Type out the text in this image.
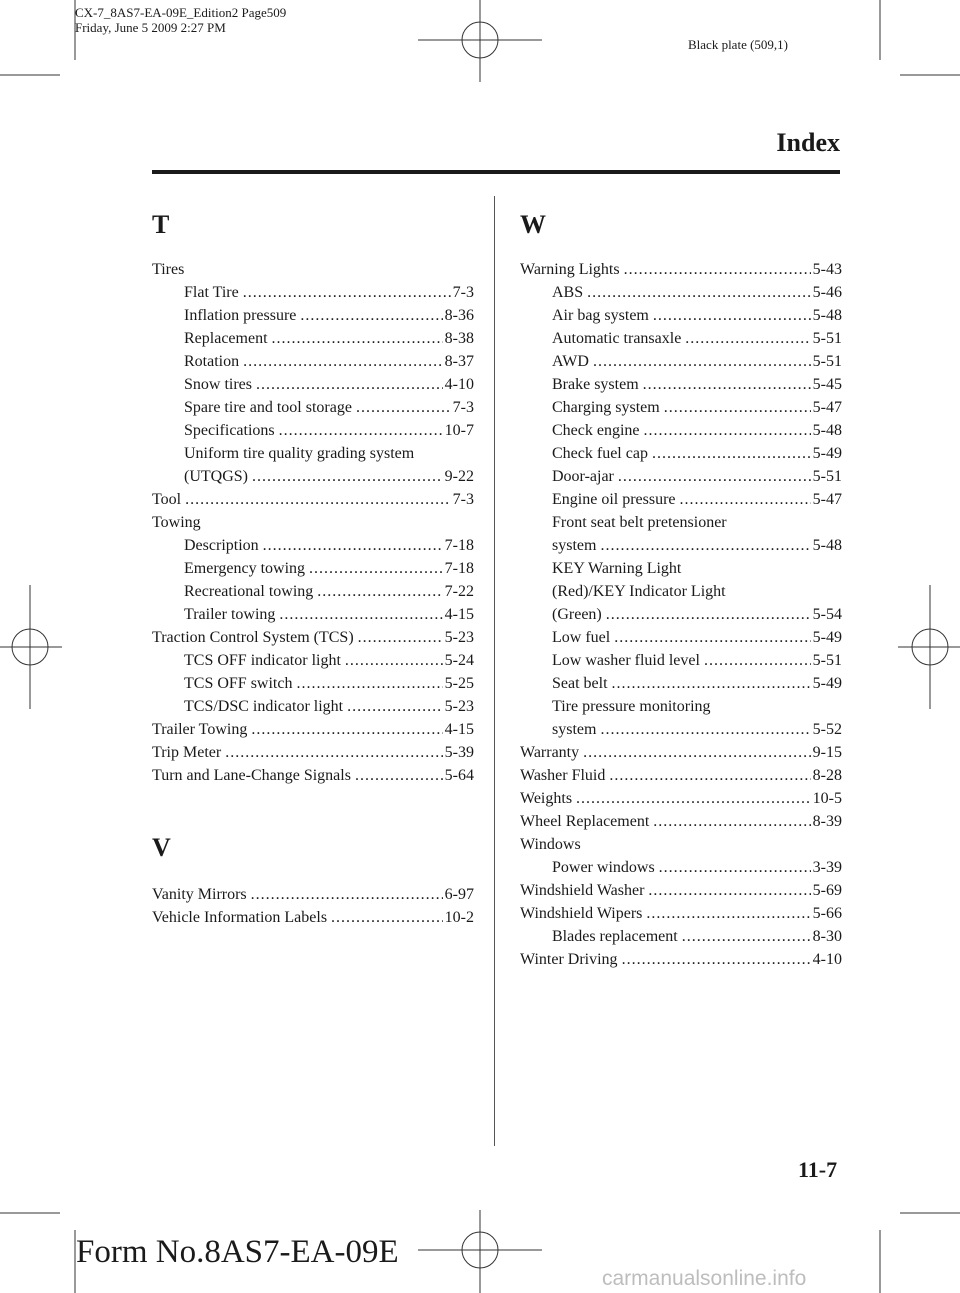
CX-7_8AS7-EA-09E_Edition2 Page509
Friday, June 5 2009 2:27 PM
Black plate (509,1)
Index
T	W
Tires
Flat Tire .....	7-3
Inflation pressure .....	8-36
Replacement .....	8-38
Rotation .....	8-37
Snow tires .....	4-10
Spare tire and tool storage .....	7-3
Specifications .....	10-7
Uniform tire quality grading system
(UTQGS) .....	9-22
Tool .....	7-3
Towing
Description .....	7-18
Emergency towing .....	7-18
Recreational towing .....	7-22
Trailer towing .....	4-15
Traction Control System (TCS) .....	5-23
TCS OFF indicator light .....	5-24
TCS OFF switch .....	5-25
TCS/DSC indicator light .....	5-23
Trailer Towing .....	4-15
Trip Meter .....	5-39
Turn and Lane-Change Signals .....	5-64
V
Vanity Mirrors .....	6-97
Vehicle Information Labels .....	10-2
Warning Lights .....	5-43
ABS .....	5-46
Air bag system .....	5-48
Automatic transaxle .....	5-51
AWD .....	5-51
Brake system .....	5-45
Charging system .....	5-47
Check engine .....	5-48
Check fuel cap .....	5-49
Door-ajar .....	5-51
Engine oil pressure .....	5-47
Front seat belt pretensioner
system .....	5-48
KEY Warning Light
(Red)/KEY Indicator Light
(Green) .....	5-54
Low fuel .....	5-49
Low washer fluid level .....	5-51
Seat belt .....	5-49
Tire pressure monitoring
system .....	5-52
Warranty .....	9-15
Washer Fluid .....	8-28
Weights .....	10-5
Wheel Replacement .....	8-39
Windows
Power windows .....	3-39
Windshield Washer .....	5-69
Windshield Wipers .....	5-66
Blades replacement .....	8-30
Winter Driving .....	4-10
11-7
Form No.8AS7-EA-09E
carmanualsonline.info
